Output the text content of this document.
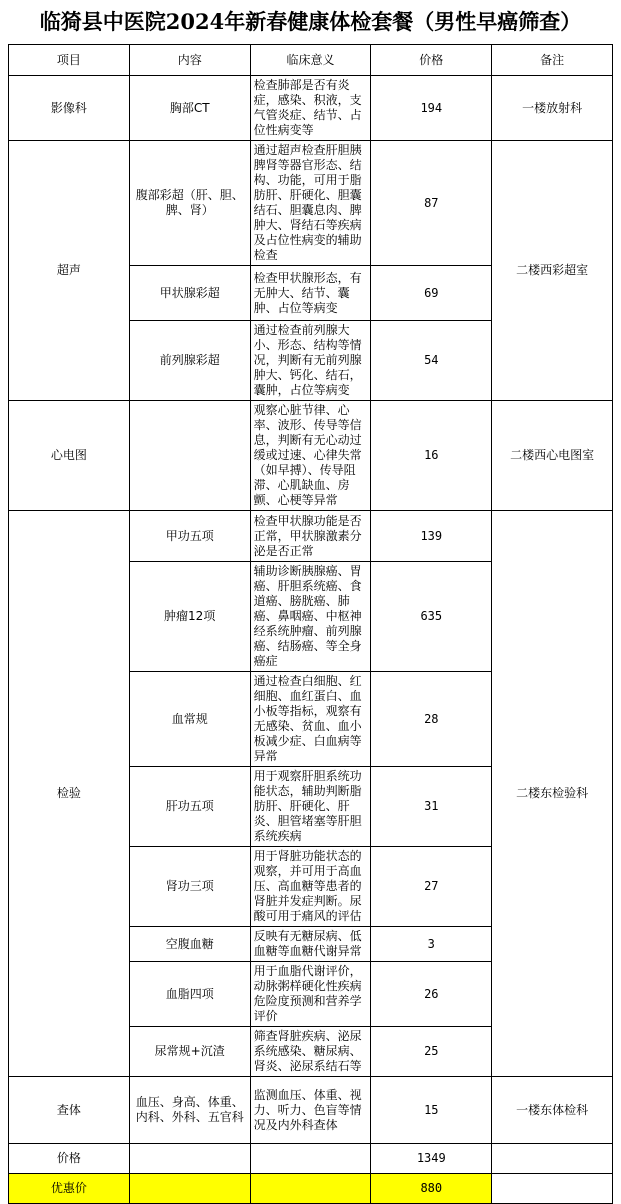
临猗县中医院2024年新春健康体检套餐（男性早癌筛查）
项目	内容	临床意义	价格	备注
影像科	胸部CT	检查肺部是否有炎症，感染、积液，支气管炎症、结节、占位性病变等	194	一楼放射科
超声	腹部彩超（肝、胆、脾、肾）	通过超声检查肝胆胰脾肾等器官形态、结构、功能，可用于脂肪肝、肝硬化、胆囊结石、胆囊息肉、脾肿大、肾结石等疾病及占位性病变的辅助检查	87	二楼西彩超室
	甲状腺彩超	检查甲状腺形态，有无肿大、结节、囊肿、占位等病变	69	
	前列腺彩超	通过检查前列腺大小、形态、结构等情况，判断有无前列腺肿大、钙化、结石，囊肿，占位等病变	54	
心电图		观察心脏节律、心率、波形、传导等信息，判断有无心动过缓或过速、心律失常（如早搏）、传导阻滞、心肌缺血、房颤、心梗等异常	16	二楼西心电图室
检验	甲功五项	检查甲状腺功能是否正常，甲状腺激素分泌是否正常	139	二楼东检验科
	肿瘤12项	辅助诊断胰腺癌、胃癌、肝胆系统癌、食道癌、膀胱癌、肺癌、鼻咽癌、中枢神经系统肿瘤、前列腺癌、结肠癌、等全身癌症	635	
	血常规	通过检查白细胞、红细胞、血红蛋白、血小板等指标，观察有无感染、贫血、血小板减少症、白血病等异常	28	
	肝功五项	用于观察肝胆系统功能状态，辅助判断脂肪肝、肝硬化、肝炎、胆管堵塞等肝胆系统疾病	31	
	肾功三项	用于肾脏功能状态的观察，并可用于高血压、高血糖等患者的肾脏并发症判断。尿酸可用于痛风的评估	27	
	空腹血糖	反映有无糖尿病、低血糖等血糖代谢异常	3	
	血脂四项	用于血脂代谢评价，动脉粥样硬化性疾病危险度预测和营养学评价	26	
	尿常规+沉渣	筛查肾脏疾病、泌尿系统感染、糖尿病、肾炎、泌尿系结石等	25	
查体	血压、身高、体重、内科、外科、五官科	监测血压、体重、视力、听力、色盲等情况及内外科查体	15	一楼东体检科
价格			1349	
优惠价			880	
